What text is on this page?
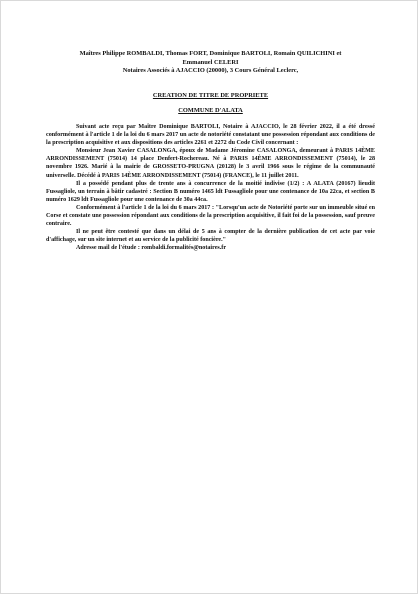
Maîtres Philippe ROMBALDI, Thomas FORT, Dominique BARTOLI, Romain QUILICHINI et
Emmanuel CELERI
Notaires Associés à AJACCIO (20000), 3 Cours Général Leclerc,
CREATION DE TITRE DE PROPRIETE
COMMUNE D'ALATA

Suivant acte reçu par Maître Dominique BARTOLI, Notaire à AJACCIO, le 28 février 2022, il a été dressé conformément à l'article 1 de la loi du 6 mars 2017 un acte de notoriété constatant une possession répondant aux conditions de la prescription acquisitive et aux dispositions des articles 2261 et 2272 du Code Civil concernant :

Monsieur Jean Xavier CASALONGA, époux de Madame Jéromine CASALONGA, demeurant à PARIS 14ÈME ARRONDISSEMENT (75014) 14 place Denfert-Rochereau. Né à PARIS 14ÈME ARRONDISSEMENT (75014), le 28 novembre 1926. Marié à la mairie de GROSSETO-PRUGNA (20128) le 3 avril 1966 sous le régime de la communauté universelle. Décédé à PARIS 14ÈME ARRONDISSEMENT (75014) (FRANCE), le 11 juillet 2011.

Il a possédé pendant plus de trente ans à concurrence de la moitié indivise (1/2) : A ALATA (20167) lieudit Fussagliole, un terrain à bâtir cadastré : Section B numéro 1465 ldt Fussagliole pour une contenance de 10a 22ca, et section B numéro 1629 ldt Fussagliole pour une contenance de 30a 44ca.

Conformément à l'article 1 de la loi du 6 mars 2017 : "Lorsqu'un acte de Notoriété porte sur un immeuble situé en Corse et constate une possession répondant aux conditions de la prescription acquisitive, il fait foi de la possession, sauf preuve contraire.

Il ne peut être contesté que dans un délai de 5 ans à compter de la dernière publication de cet acte par voie d'affichage, sur un site internet et au service de la publicité foncière."

Adresse mail de l'étude : rombaldi.formalités@notaires.fr
